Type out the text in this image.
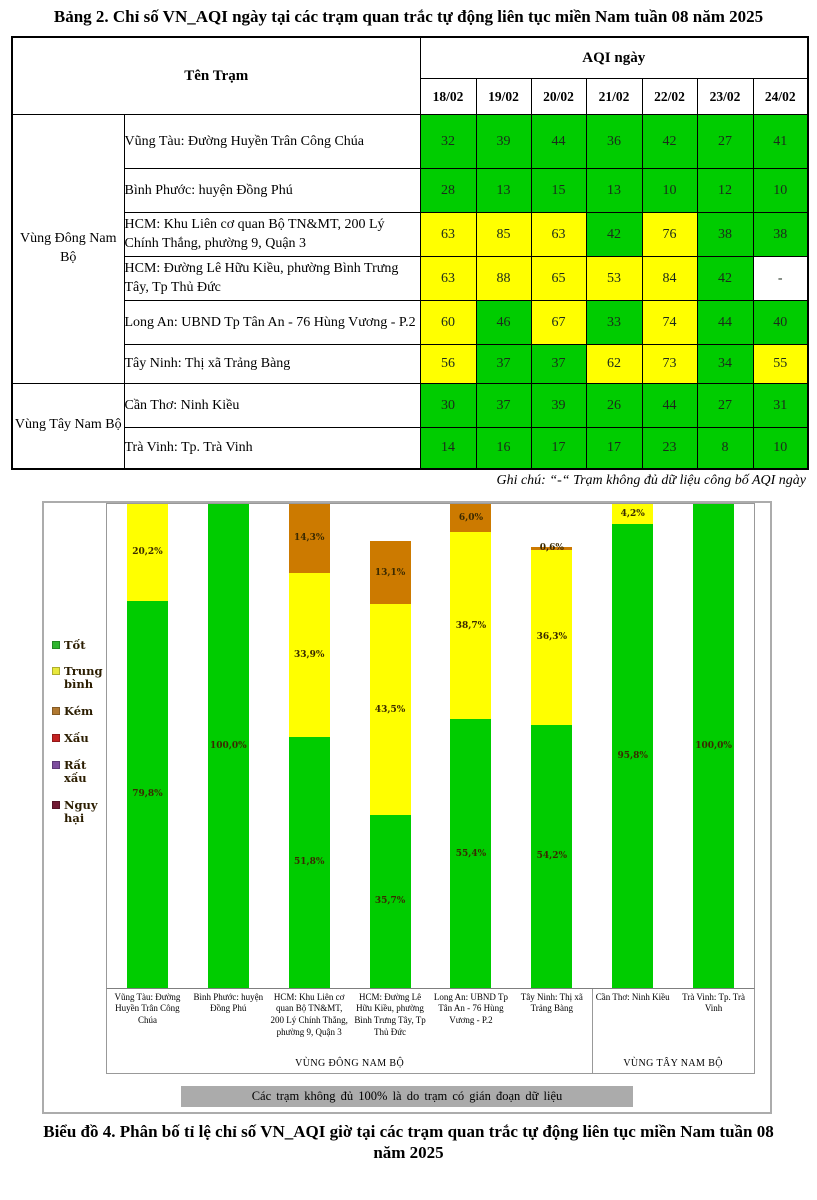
Bảng 2. Chỉ số VN_AQI ngày tại các trạm quan trắc tự động liên tục miền Nam tuần 08 năm 2025
Tên Trạm		AQI ngày						
		18/02	19/02	20/02	21/02	22/02	23/02	24/02
Vùng Đông Nam Bộ	Vũng Tàu: Đường Huyền Trân Công Chúa	32	39	44	36	42	27	41
	Bình Phước: huyện Đồng Phú	28	13	15	13	10	12	10
	HCM: Khu Liên cơ quan Bộ TN&MT, 200 Lý Chính Thắng, phường 9, Quận 3	63	85	63	42	76	38	38
	HCM: Đường Lê Hữu Kiều, phường Bình Trưng Tây, Tp Thủ Đức	63	88	65	53	84	42	-
	Long An: UBND Tp Tân An - 76 Hùng Vương - P.2	60	46	67	33	74	44	40
	Tây Ninh: Thị xã Trảng Bàng	56	37	37	62	73	34	55
Vùng Tây Nam Bộ	Cần Thơ: Ninh Kiều	30	37	39	26	44	27	31
	Trà Vinh: Tp. Trà Vinh	14	16	17	17	23	8	10
Ghi chú: “-“ Trạm không đủ dữ liệu công bố AQI ngày
Tốt
Trung bình
Kém
Xấu
Rất xấu
Nguy hại
79,8%
20,2%
100,0%
51,8%
33,9%
14,3%
35,7%
43,5%
13,1%
55,4%
38,7%
6,0%
54,2%
36,3%
0,6%
95,8%
4,2%
100,0%
Vũng Tàu: Đường Huyền Trân Công Chúa
Bình Phước: huyện Đồng Phú
HCM: Khu Liên cơ quan Bộ TN&MT, 200 Lý Chính Thắng, phường 9, Quận 3
HCM: Đường Lê Hữu Kiều, phường Bình Trưng Tây, Tp Thủ Đức
Long An: UBND Tp Tân An - 76 Hùng Vương - P.2
Tây Ninh: Thị xã Trảng Bàng
Cần Thơ: Ninh Kiều	Trà Vinh: Tp. Trà Vinh
VÙNG ĐÔNG NAM BỘ	VÙNG TÂY NAM BỘ
Các trạm không đủ 100% là do trạm có gián đoạn dữ liệu
Biểu đồ 4. Phân bố tỉ lệ chỉ số VN_AQI giờ tại các trạm quan trắc tự động liên tục miền Nam tuần 08 năm 2025
